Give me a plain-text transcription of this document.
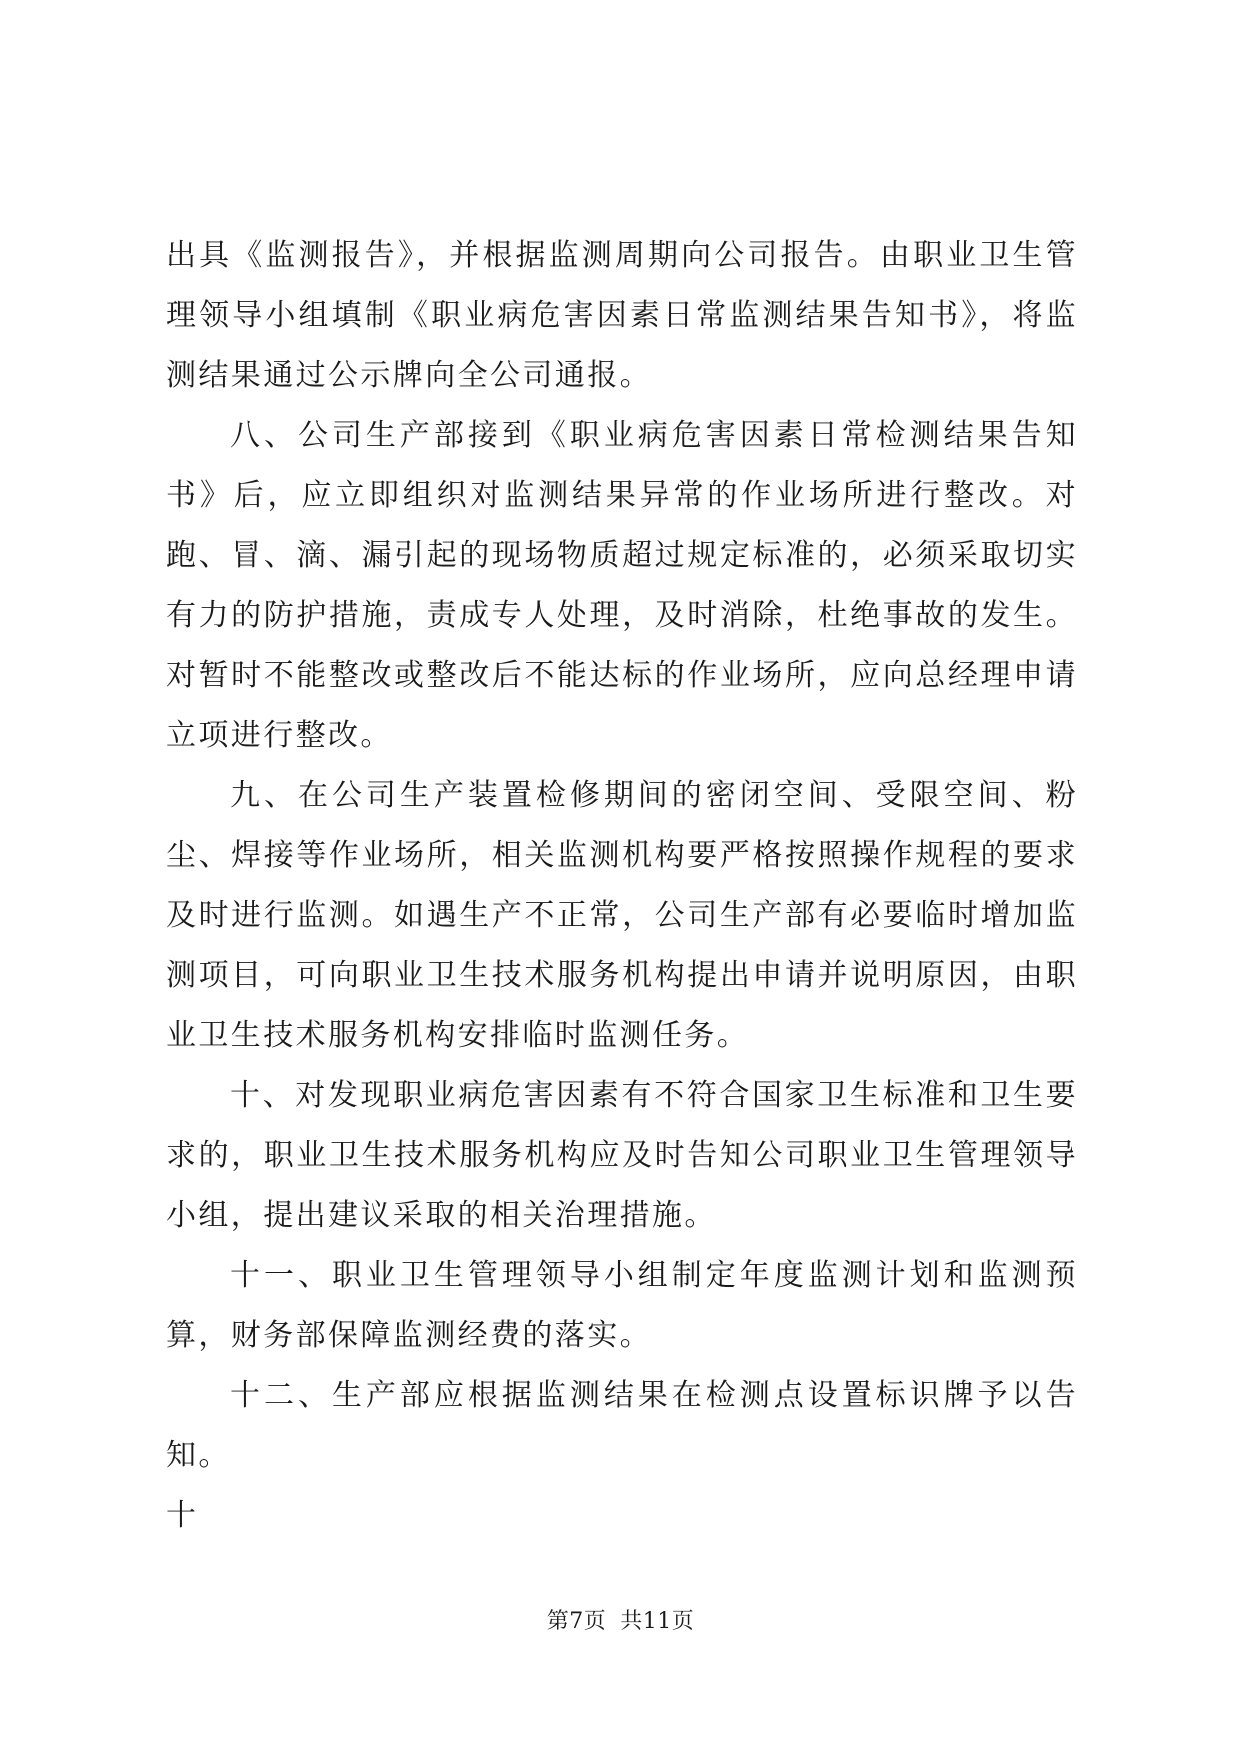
出具《监测报告》，并根据监测周期向公司报告。由职业卫生管理领导小组填制《职业病危害因素日常监测结果告知书》，将监测结果通过公示牌向全公司通报。

八、公司生产部接到《职业病危害因素日常检测结果告知书》后，应立即组织对监测结果异常的作业场所进行整改。对跑、冒、滴、漏引起的现场物质超过规定标准的，必须采取切实有力的防护措施，责成专人处理，及时消除，杜绝事故的发生。对暂时不能整改或整改后不能达标的作业场所，应向总经理申请立项进行整改。

九、在公司生产装置检修期间的密闭空间、受限空间、粉尘、焊接等作业场所，相关监测机构要严格按照操作规程的要求及时进行监测。如遇生产不正常，公司生产部有必要临时增加监测项目，可向职业卫生技术服务机构提出申请并说明原因，由职业卫生技术服务机构安排临时监测任务。

十、对发现职业病危害因素有不符合国家卫生标准和卫生要求的，职业卫生技术服务机构应及时告知公司职业卫生管理领导小组，提出建议采取的相关治理措施。

十一、职业卫生管理领导小组制定年度监测计划和监测预算，财务部保障监测经费的落实。

十二、生产部应根据监测结果在检测点设置标识牌予以告知。

十

第7页 共11页
